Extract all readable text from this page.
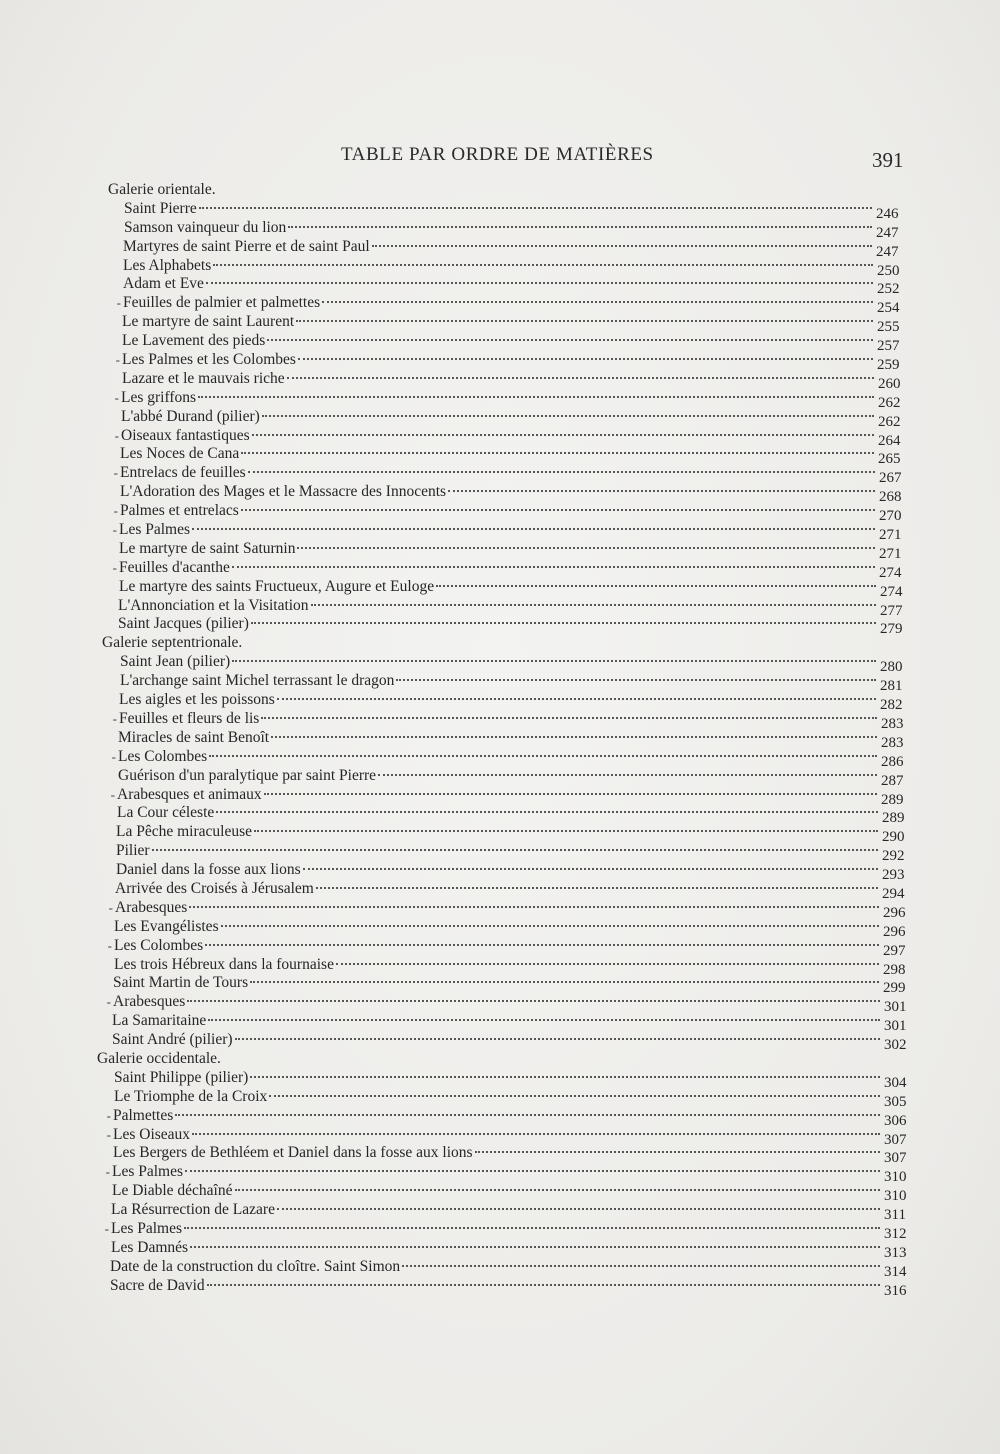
TABLE PAR ORDRE DE MATIÈRES	391
Galerie orientale.
Saint Pierre	246
Samson vainqueur du lion	247
Martyres de saint Pierre et de saint Paul	247
Les Alphabets	250
Adam et Eve	252
- Feuilles de palmier et palmettes	254
Le martyre de saint Laurent	255
Le Lavement des pieds	257
- Les Palmes et les Colombes	259
Lazare et le mauvais riche	260
- Les griffons	262
L'abbé Durand (pilier)	262
- Oiseaux fantastiques	264
Les Noces de Cana	265
- Entrelacs de feuilles	267
L'Adoration des Mages et le Massacre des Innocents	268
- Palmes et entrelacs	270
- Les Palmes	271
Le martyre de saint Saturnin	271
- Feuilles d'acanthe	274
Le martyre des saints Fructueux, Augure et Euloge	274
L'Annonciation et la Visitation	277
Saint Jacques (pilier)	279
Galerie septentrionale.
Saint Jean (pilier)	280
L'archange saint Michel terrassant le dragon	281
Les aigles et les poissons	282
- Feuilles et fleurs de lis	283
Miracles de saint Benoît	283
- Les Colombes	286
Guérison d'un paralytique par saint Pierre	287
- Arabesques et animaux	289
La Cour céleste	289
La Pêche miraculeuse	290
Pilier	292
Daniel dans la fosse aux lions	293
Arrivée des Croisés à Jérusalem	294
- Arabesques	296
Les Evangélistes	296
- Les Colombes	297
Les trois Hébreux dans la fournaise	298
Saint Martin de Tours	299
- Arabesques	301
La Samaritaine	301
Saint André (pilier)	302
Galerie occidentale.
Saint Philippe (pilier)	304
Le Triomphe de la Croix	305
- Palmettes	306
- Les Oiseaux	307
Les Bergers de Bethléem et Daniel dans la fosse aux lions	307
- Les Palmes	310
Le Diable déchaîné	310
La Résurrection de Lazare	311
- Les Palmes	312
Les Damnés	313
Date de la construction du cloître. Saint Simon	314
Sacre de David	316
